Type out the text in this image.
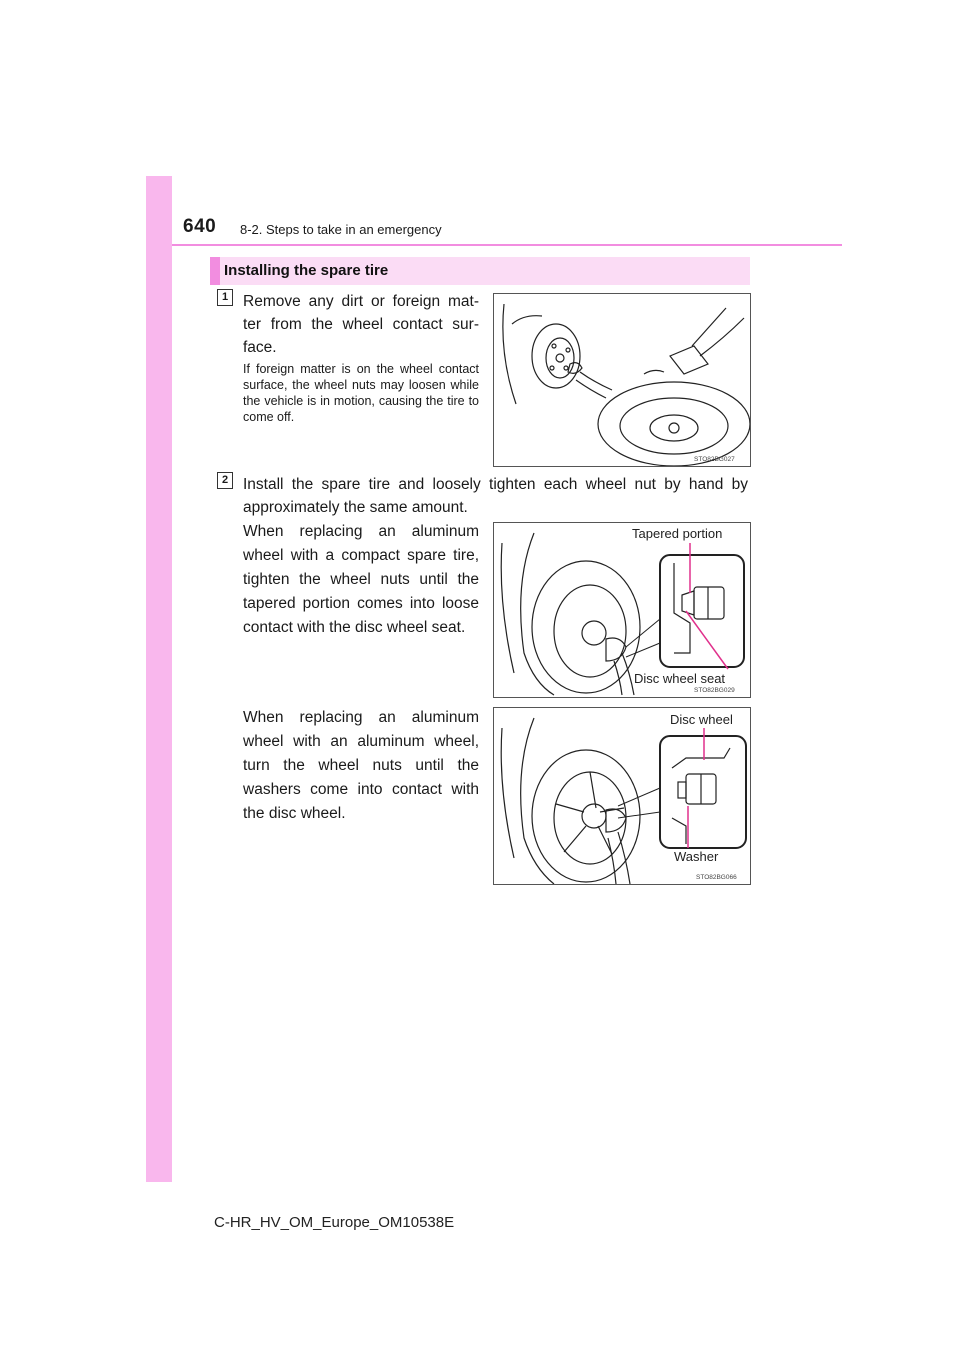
640 8-2. Steps to take in an emergency
Installing the spare tire
1 Remove any dirt or foreign mat-ter from the wheel contact sur-face.
If foreign matter is on the wheel contact surface, the wheel nuts may loosen while the vehicle is in motion, causing the tire to come off.
STO82BG027
2 Install the spare tire and loosely tighten each wheel nut by hand by approximately the same amount.
When replacing an aluminum wheel with a compact spare tire, tighten the wheel nuts until the tapered portion comes into loose contact with the disc wheel seat.
Tapered portion
Disc wheel seat
STO82BG029
When replacing an aluminum wheel with an aluminum wheel, turn the wheel nuts until the washers come into contact with the disc wheel.
Disc wheel
Washer
STO82BG066
C-HR_HV_OM_Europe_OM10538E
